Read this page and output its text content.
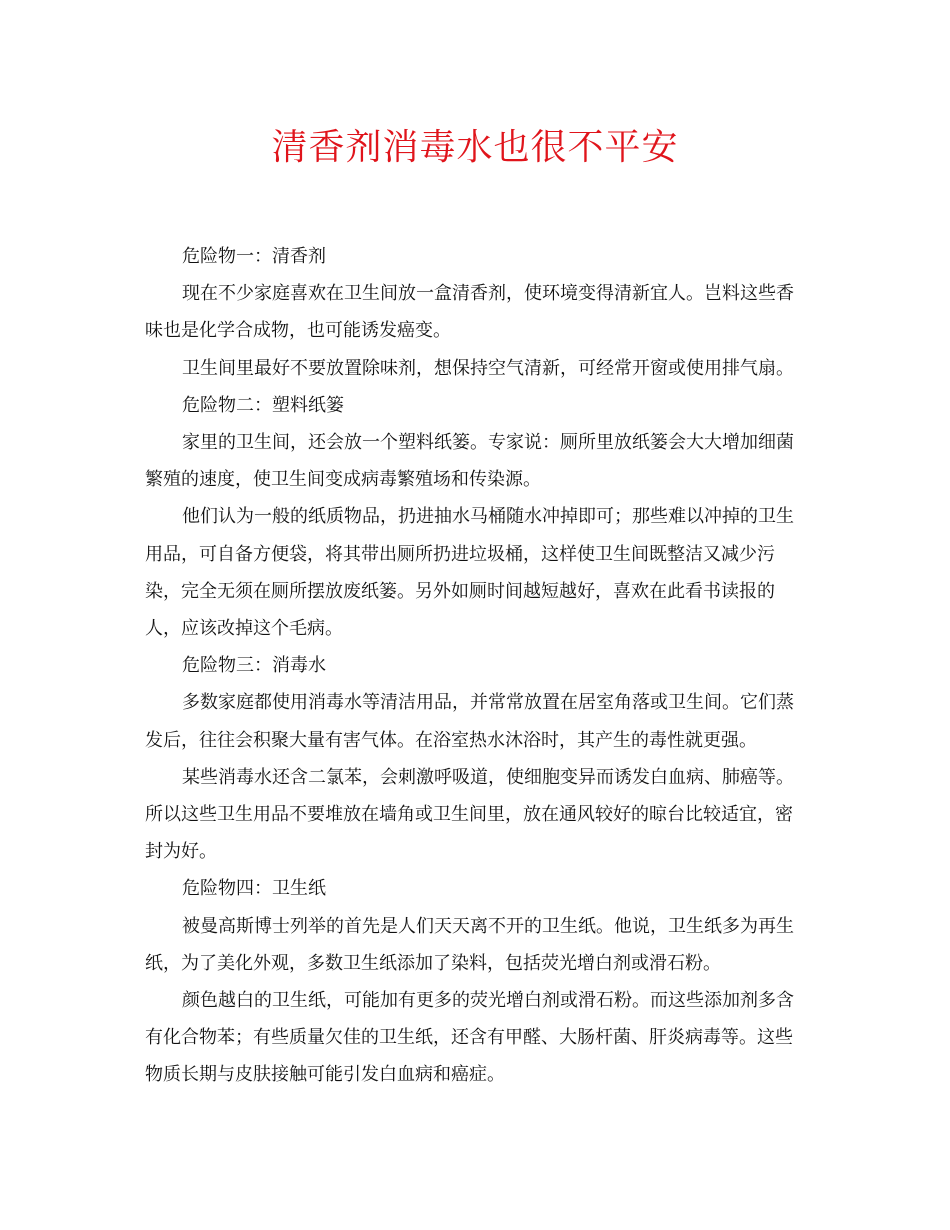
清香剂消毒水也很不平安

危险物一：清香剂

现在不少家庭喜欢在卫生间放一盒清香剂，使环境变得清新宜人。岂料这些香味也是化学合成物，也可能诱发癌变。

卫生间里最好不要放置除味剂，想保持空气清新，可经常开窗或使用排气扇。

危险物二：塑料纸篓

家里的卫生间，还会放一个塑料纸篓。专家说：厕所里放纸篓会大大增加细菌繁殖的速度，使卫生间变成病毒繁殖场和传染源。

他们认为一般的纸质物品，扔进抽水马桶随水冲掉即可；那些难以冲掉的卫生用品，可自备方便袋，将其带出厕所扔进垃圾桶，这样使卫生间既整洁又减少污染，完全无须在厕所摆放废纸篓。另外如厕时间越短越好，喜欢在此看书读报的人，应该改掉这个毛病。

危险物三：消毒水

多数家庭都使用消毒水等清洁用品，并常常放置在居室角落或卫生间。它们蒸发后，往往会积聚大量有害气体。在浴室热水沐浴时，其产生的毒性就更强。

某些消毒水还含二氯苯，会刺激呼吸道，使细胞变异而诱发白血病、肺癌等。所以这些卫生用品不要堆放在墙角或卫生间里，放在通风较好的晾台比较适宜，密封为好。

危险物四：卫生纸

被曼高斯博士列举的首先是人们天天离不开的卫生纸。他说，卫生纸多为再生纸，为了美化外观，多数卫生纸添加了染料，包括荧光增白剂或滑石粉。

颜色越白的卫生纸，可能加有更多的荧光增白剂或滑石粉。而这些添加剂多含有化合物苯；有些质量欠佳的卫生纸，还含有甲醛、大肠杆菌、肝炎病毒等。这些物质长期与皮肤接触可能引发白血病和癌症。
